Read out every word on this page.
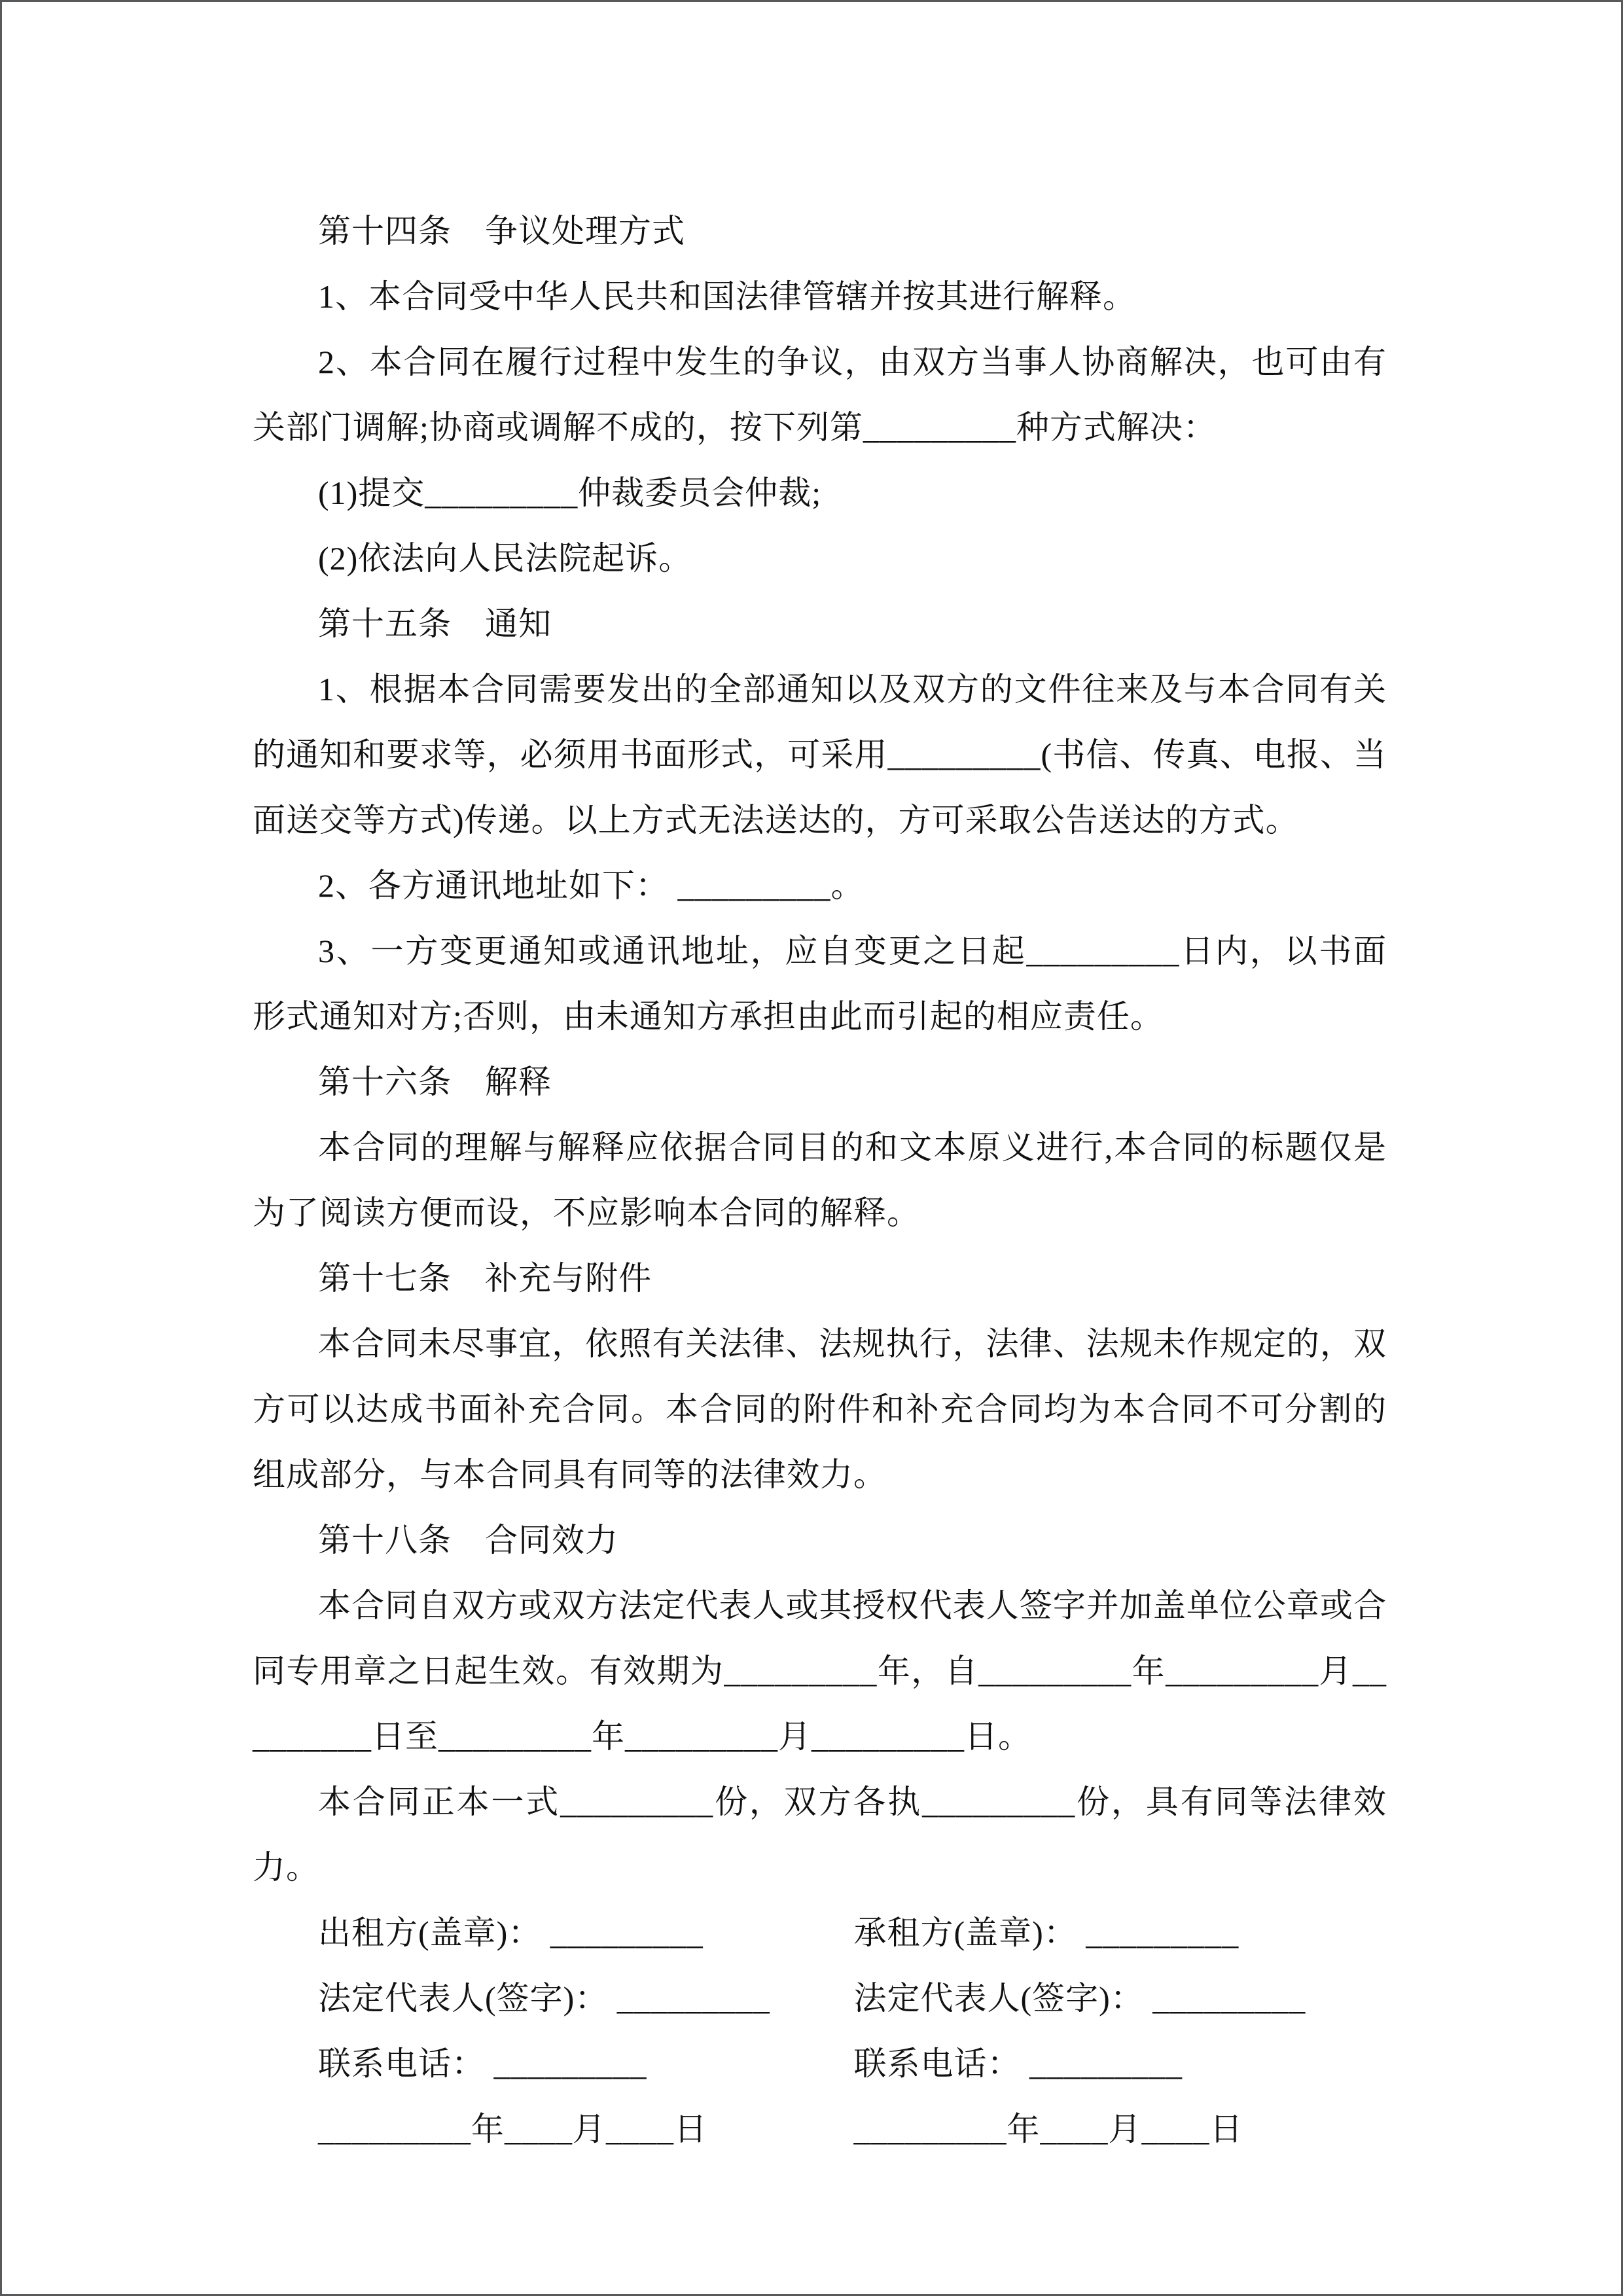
第十四条　争议处理方式

1、本合同受中华人民共和国法律管辖并按其进行解释。

2、本合同在履行过程中发生的争议，由双方当事人协商解决，也可由有关部门调解;协商或调解不成的，按下列第_________种方式解决：

(1)提交_________仲裁委员会仲裁;

(2)依法向人民法院起诉。

第十五条　通知

1、根据本合同需要发出的全部通知以及双方的文件往来及与本合同有关的通知和要求等，必须用书面形式，可采用_________(书信、传真、电报、当面送交等方式)传递。以上方式无法送达的，方可采取公告送达的方式。

2、各方通讯地址如下： _________。

3、一方变更通知或通讯地址，应自变更之日起_________日内，以书面形式通知对方;否则，由未通知方承担由此而引起的相应责任。

第十六条　解释

本合同的理解与解释应依据合同目的和文本原义进行,本合同的标题仅是为了阅读方便而设，不应影响本合同的解释。

第十七条　补充与附件

本合同未尽事宜，依照有关法律、法规执行，法律、法规未作规定的，双方可以达成书面补充合同。本合同的附件和补充合同均为本合同不可分割的组成部分，与本合同具有同等的法律效力。

第十八条　合同效力

本合同自双方或双方法定代表人或其授权代表人签字并加盖单位公章或合同专用章之日起生效。有效期为_________年，自_________年_________月_________日至_________年_________月_________日。

本合同正本一式_________份，双方各执_________份，具有同等法律效力。

出租方(盖章)： _________	承租方(盖章)： _________
法定代表人(签字)： _________	法定代表人(签字)： _________
联系电话： _________	联系电话： _________
_________年____月____日	_________年____月____日
